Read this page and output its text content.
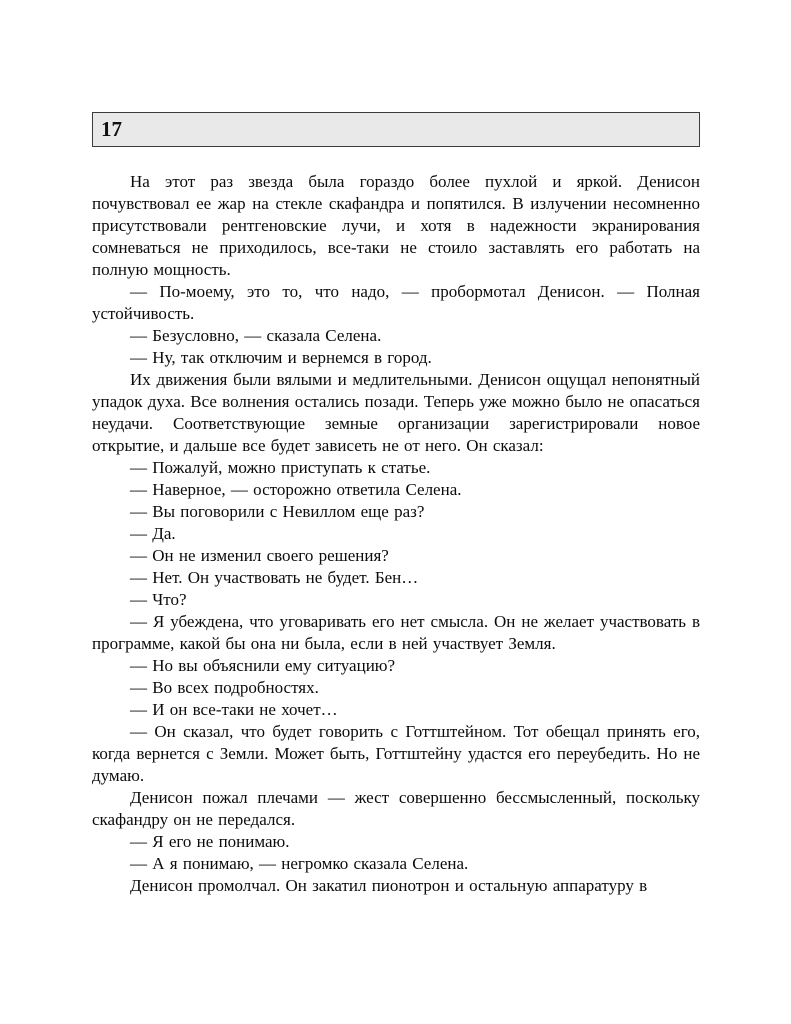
17

На этот раз звезда была гораздо более пухлой и яркой. Денисон почувствовал ее жар на стекле скафандра и попятился. В излучении несомненно присутствовали рентгеновские лучи, и хотя в надежности экранирования сомневаться не приходилось, все-таки не стоило заставлять его работать на полную мощность.

— По-моему, это то, что надо, — пробормотал Денисон. — Полная устойчивость.

— Безусловно, — сказала Селена.

— Ну, так отключим и вернемся в город.

Их движения были вялыми и медлительными. Денисон ощущал непонятный упадок духа. Все волнения остались позади. Теперь уже можно было не опасаться неудачи. Соответствующие земные организации зарегистрировали новое открытие, и дальше все будет зависеть не от него. Он сказал:

— Пожалуй, можно приступать к статье.

— Наверное, — осторожно ответила Селена.

— Вы поговорили с Невиллом еще раз?

— Да.

— Он не изменил своего решения?

— Нет. Он участвовать не будет. Бен…

— Что?

— Я убеждена, что уговаривать его нет смысла. Он не желает участвовать в программе, какой бы она ни была, если в ней участвует Земля.

— Но вы объяснили ему ситуацию?

— Во всех подробностях.

— И он все-таки не хочет…

— Он сказал, что будет говорить с Готтштейном. Тот обещал принять его, когда вернется с Земли. Может быть, Готтштейну удастся его переубедить. Но не думаю.

Денисон пожал плечами — жест совершенно бессмысленный, поскольку скафандру он не передался.

— Я его не понимаю.

— А я понимаю, — негромко сказала Селена.

Денисон промолчал. Он закатил пионотрон и остальную аппаратуру в
